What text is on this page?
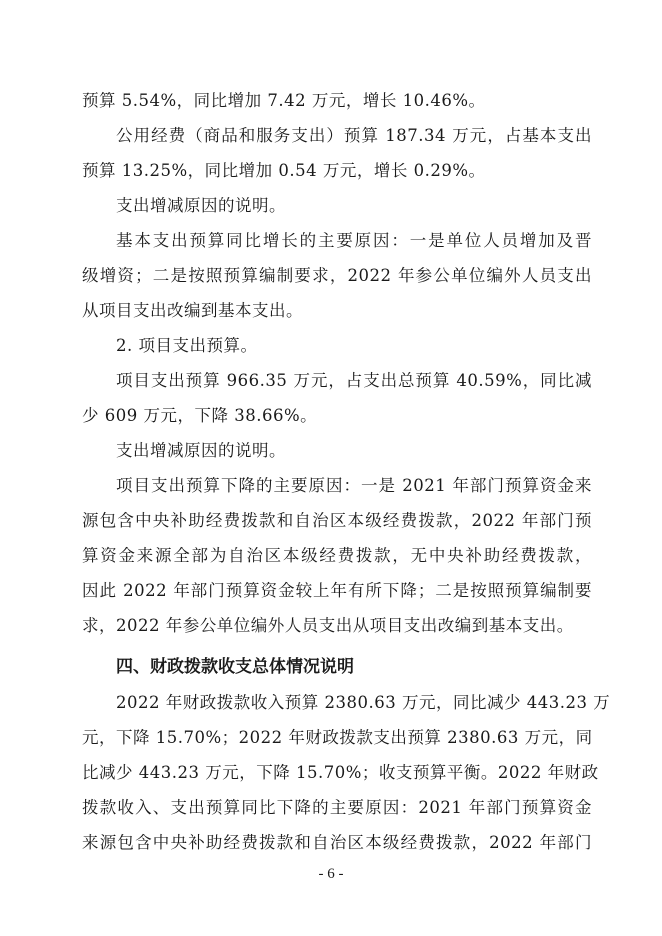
预算 5.54%，同比增加 7.42 万元，增长 10.46%。
公用经费（商品和服务支出）预算 187.34 万元，占基本支出
预算 13.25%，同比增加 0.54 万元，增长 0.29%。
支出增减原因的说明。
基本支出预算同比增长的主要原因：一是单位人员增加及晋
级增资；二是按照预算编制要求，2022 年参公单位编外人员支出
从项目支出改编到基本支出。
2. 项目支出预算。
项目支出预算 966.35 万元，占支出总预算 40.59%，同比减
少 609 万元，下降 38.66%。
支出增减原因的说明。
项目支出预算下降的主要原因：一是 2021 年部门预算资金来
源包含中央补助经费拨款和自治区本级经费拨款，2022 年部门预
算资金来源全部为自治区本级经费拨款，无中央补助经费拨款，
因此 2022 年部门预算资金较上年有所下降；二是按照预算编制要
求，2022 年参公单位编外人员支出从项目支出改编到基本支出。
四、财政拨款收支总体情况说明
2022 年财政拨款收入预算 2380.63 万元，同比减少 443.23 万
元，下降 15.70%；2022 年财政拨款支出预算 2380.63 万元，同
比减少 443.23 万元，下降 15.70%；收支预算平衡。2022 年财政
拨款收入、支出预算同比下降的主要原因：2021 年部门预算资金
来源包含中央补助经费拨款和自治区本级经费拨款，2022 年部门
- 6 -
